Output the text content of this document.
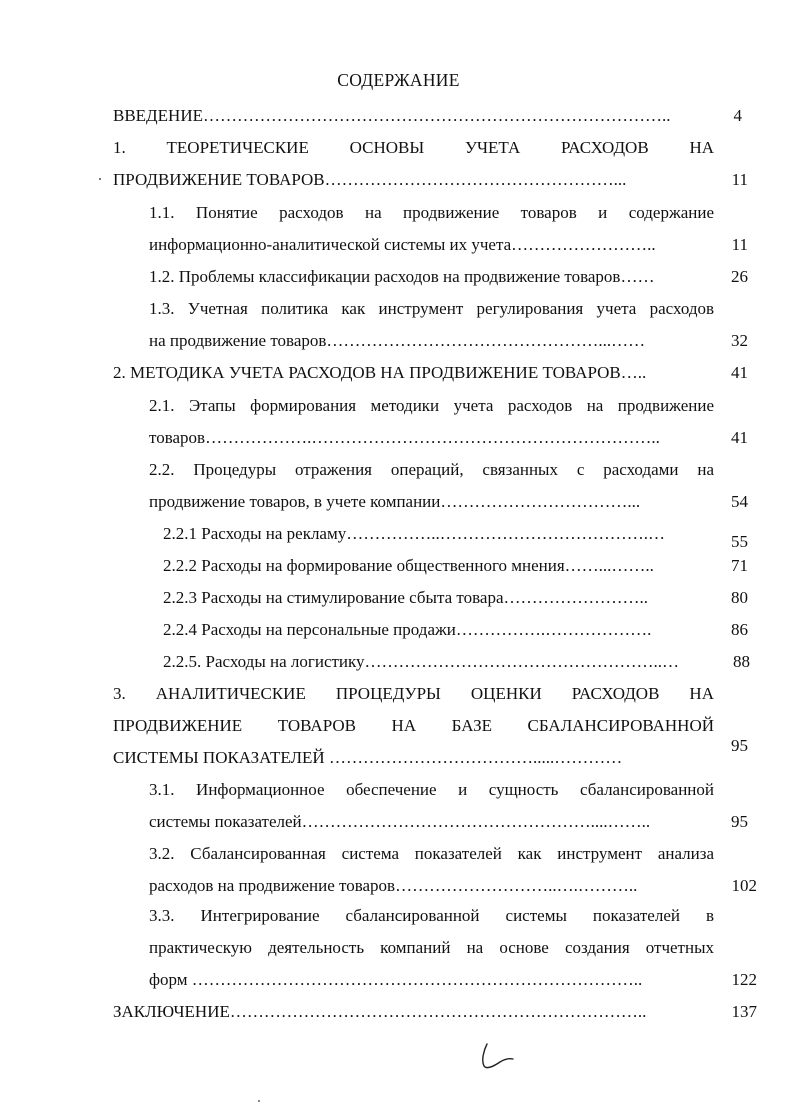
СОДЕРЖАНИЕ
ВВЕДЕНИЕ………………………………………………………………………..
1. ТЕОРЕТИЧЕСКИЕ ОСНОВЫ УЧЕТА РАСХОДОВ НА
ПРОДВИЖЕНИЕ ТОВАРОВ……………………………………………...
1.1. Понятие расходов на продвижение товаров и содержание
информационно-аналитической системы их учета……………………..
1.2. Проблемы классификации расходов на продвижение товаров……
1.3. Учетная политика как инструмент регулирования учета расходов
на продвижение товаров…………………………………………...……
2. МЕТОДИКА УЧЕТА РАСХОДОВ НА ПРОДВИЖЕНИЕ ТОВАРОВ…..
2.1. Этапы формирования методики учета расходов на продвижение
товаров……………….……………………………………………………..
2.2. Процедуры отражения операций, связанных с расходами на
продвижение товаров, в учете компании……………………………...
2.2.1 Расходы на рекламу……………..……………………………….…
2.2.2 Расходы на формирование общественного мнения……...……..
2.2.3 Расходы на стимулирование сбыта товара……………………..
2.2.4 Расходы на персональные продажи…………….……………….
2.2.5. Расходы на логистику……………………………………………..…
3. АНАЛИТИЧЕСКИЕ ПРОЦЕДУРЫ ОЦЕНКИ РАСХОДОВ НА
ПРОДВИЖЕНИЕ ТОВАРОВ НА БАЗЕ СБАЛАНСИРОВАННОЙ
СИСТЕМЫ ПОКАЗАТЕЛЕЙ ……………………………….....…………
3.1. Информационное обеспечение и сущность сбалансированной
системы показателей……………………………………………....……..
3.2. Сбалансированная система показателей как инструмент анализа
расходов на продвижение товаров………………………..….………..
3.3. Интегрирование сбалансированной системы показателей в
практическую деятельность компаний на основе создания отчетных
форм ……………………………………………………………………..
ЗАКЛЮЧЕНИЕ………………………………………………………………..
4
11
11
26
32
41
41
54
55
71
80
86
88
95
95
102
122
137
